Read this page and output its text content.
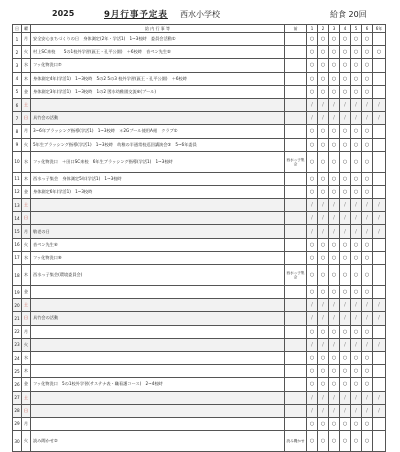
2025	9月行事予定表 西水小学校	給食 20回
日	曜	給 内 行 事 等	前	1	2	3	4	5	6	6年
1	月	安全安心まちづくりの日　身体測定(2年・学活1)　1~3校時　委員会活動①		○	○	○	○	○	○	
2	火	村上SC来校　　5の1校外学習(區王・孔平公園)　＋6校時　音ペン先生⑤		○	○	○	○	○	○	○
3	水	フッ化物洗口⑦		○	○	○	○	○	○	
4	木	身体測定4年(学活1)　1~3校時　5の2 5の3 校外学習(區王・孔平公園)　＋6校時		○	○	○	○	○	○	
5	金	身体測定3年(学活1)　1~3校時　1の2 図水幼稚園交流⑥(プール)		○	○	○	○	○	○	
6	土			/	/	/	/	/	/	/
7	日	具竹会の活動		/	/	/	/	/	/	/
8	月	3~6年ブラッシング指導(学活1)　1~3校時　＊2Gプール使用A週　クラブ①		○	○	○	○	○	○	
9	火	5年生ブラッシング指導(学活1)　1~3校時　幼稚の半通常校巡回講演会③　5~6年委員		○	○	○	○	○	○	
10	水	フッ化物洗口　＋田口SC来校　6年生ブラッシング指導(学活1)　1~3校時	西水っ子集会	○	○	○	○	○	○	
11	木	西水っ子集会　身体測定5年(学活1)　1~3校時		○	○	○	○	○	○	
12	金	身体測定6年(学活1)　1~3校時		○	○	○	○	○	○	
13	土			/	/	/	/	/	/	/
14	日			/	/	/	/	/	/	/
15	月	敬老の日		/	/	/	/	/	/	/
16	火	音ペン先生⑥		○	○	○	○	○	○	
17	水	フッ化物洗口⑧		○	○	○	○	○	○	
18	木	西水っ子集会(環境委員会)	西水っ子集会	○	○	○	○	○	○	
19	金			○	○	○	○	○	○	
20	土			/	/	/	/	/	/	/
21	日	具竹会の活動		/	/	/	/	/	/	/
22	月			○	○	○	○	○	○	
23	火			/	/	/	/	/	/	/
24	水			○	○	○	○	○	○	
25	木			○	○	○	○	○	○	
26	金	フッ化物洗口　5の1校外学習(サステナ表・職看護コース)　2~4校時		○	○	○	○	○	○	
27	土			/	/	/	/	/	/	/
28	日			/	/	/	/	/	/	/
29	月			○	○	○	○	○	○	
30	火	読み聞かせ②	読み聞かせ	○	○	○	○	○	○	
